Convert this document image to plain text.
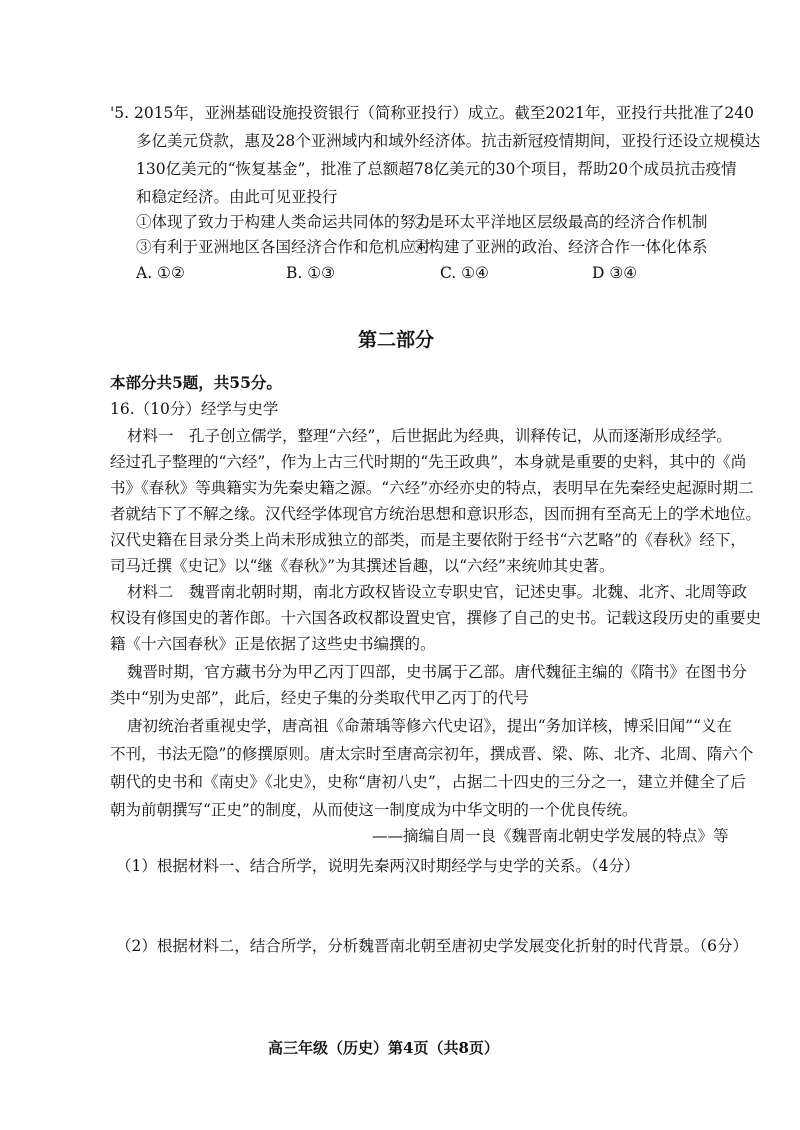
'5. 2015年，亚洲基础设施投资银行（简称亚投行）成立。截至2021年，亚投行共批准了240
多亿美元贷款，惠及28个亚洲域内和域外经济体。抗击新冠疫情期间，亚投行还设立规模达
130亿美元的“恢复基金”，批准了总额超78亿美元的30个项目，帮助20个成员抗击疫情
和稳定经济。由此可见亚投行
①体现了致力于构建人类命运共同体的努力
②是环太平洋地区层级最高的经济合作机制
③有利于亚洲地区各国经济合作和危机应对
④构建了亚洲的政治、经济合作一体化体系
A. ①②	B. ①③	C. ①④	D ③④
第二部分
本部分共5题，共55分。
16.（10分）经学与史学
材料一　孔子创立儒学，整理“六经”，后世据此为经典，训释传记，从而逐渐形成经学。
经过孔子整理的“六经”，作为上古三代时期的“先王政典”，本身就是重要的史料，其中的《尚
书》《春秋》等典籍实为先秦史籍之源。“六经”亦经亦史的特点，表明早在先秦经史起源时期二
者就结下了不解之缘。汉代经学体现官方统治思想和意识形态，因而拥有至高无上的学术地位。
汉代史籍在目录分类上尚未形成独立的部类，而是主要依附于经书“六艺略”的《春秋》经下，
司马迁撰《史记》以“继《春秋》”为其撰述旨趣，以“六经”来统帅其史著。
材料二　魏晋南北朝时期，南北方政权皆设立专职史官，记述史事。北魏、北齐、北周等政
权设有修国史的著作郎。十六国各政权都设置史官，撰修了自己的史书。记载这段历史的重要史
籍《十六国春秋》正是依据了这些史书编撰的。
魏晋时期，官方藏书分为甲乙丙丁四部，史书属于乙部。唐代魏征主编的《隋书》在图书分
类中“别为史部”，此后，经史子集的分类取代甲乙丙丁的代号
唐初统治者重视史学，唐高祖《命萧瑀等修六代史诏》，提出“务加详核，博采旧闻”“义在
不刊，书法无隐”的修撰原则。唐太宗时至唐高宗初年，撰成晋、梁、陈、北齐、北周、隋六个
朝代的史书和《南史》《北史》，史称“唐初八史”，占据二十四史的三分之一，建立并健全了后
朝为前朝撰写“正史”的制度，从而使这一制度成为中华文明的一个优良传统。
——摘编自周一良《魏晋南北朝史学发展的特点》等
（1）根据材料一、结合所学，说明先秦两汉时期经学与史学的关系。（4分）
（2）根据材料二，结合所学，分析魏晋南北朝至唐初史学发展变化折射的时代背景。（6分）
高三年级（历史）第4页（共8页）
